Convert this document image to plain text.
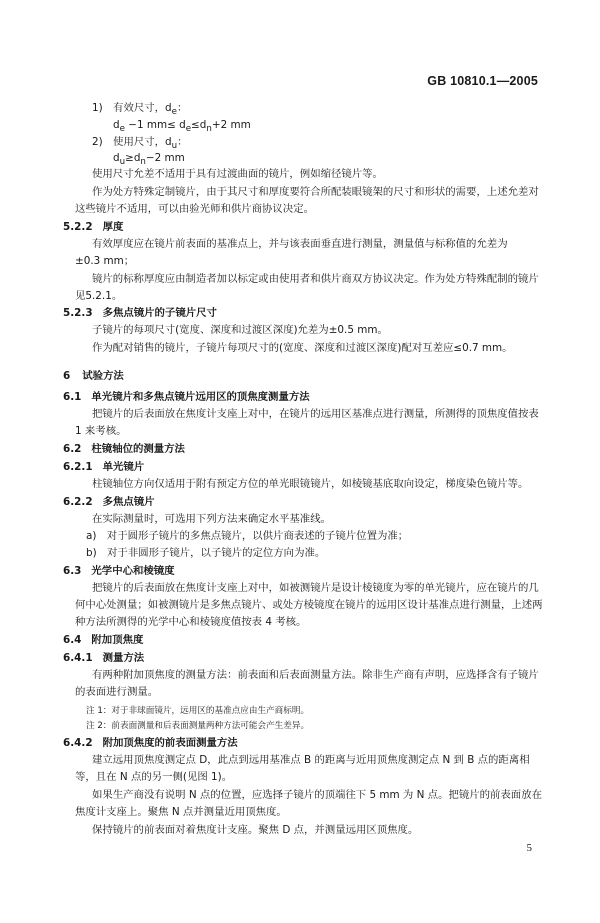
GB 10810.1—2005
1)　有效尺寸，$d_e$：
$d_e -1$ $mm\le d_e\le d_n+2$ mm
2)　使用尺寸，$d_u$：
$d_u\ge d_n-2$ mm
使用尺寸允差不适用于具有过渡曲面的镜片，例如缩径镜片等。
作为处方特殊定制镜片，由于其尺寸和厚度要符合所配装眼镜架的尺寸和形状的需要，上述允差对
这些镜片不适用，可以由验光师和供片商协议决定。
5.2.2 厚度
有效厚度应在镜片前表面的基准点上，并与该表面垂直进行测量，测量值与标称值的允差为
±0.3 mm；
镜片的标称厚度应由制造者加以标定或由使用者和供片商双方协议决定。作为处方特殊配制的镜片
见5.2.1。
5.2.3 多焦点镜片的子镜片尺寸
子镜片的每项尺寸(宽度、深度和过渡区深度)允差为±0.5 mm。
作为配对销售的镜片，子镜片每项尺寸的(宽度、深度和过渡区深度)配对互差应≤0.7 mm。
6 试验方法
6.1 单光镜片和多焦点镜片远用区的顶焦度测量方法
把镜片的后表面放在焦度计支座上对中，在镜片的远用区基准点进行测量，所测得的顶焦度值按表
1 来考核。
6.2 柱镜轴位的测量方法
6.2.1 单光镜片
柱镜轴位方向仅适用于附有预定方位的单光眼镜镜片，如棱镜基底取向设定，梯度染色镜片等。
6.2.2 多焦点镜片
在实际测量时，可选用下列方法来确定水平基准线。
a)　对于圆形子镜片的多焦点镜片，以供片商表述的子镜片位置为准；
b)　对于非圆形子镜片，以子镜片的定位方向为准。
6.3 光学中心和棱镜度
把镜片的后表面放在焦度计支座上对中，如被测镜片是设计棱镜度为零的单光镜片，应在镜片的几
何中心处测量；如被测镜片是多焦点镜片、或处方棱镜度在镜片的远用区设计基准点进行测量，上述两
种方法所测得的光学中心和棱镜度值按表 4 考核。
6.4 附加顶焦度
6.4.1 测量方法
有两种附加顶焦度的测量方法：前表面和后表面测量方法。除非生产商有声明，应选择含有子镜片
的表面进行测量。
注 1：对于非球面镜片，远用区的基准点应由生产商标明。
注 2：前表面测量和后表面测量两种方法可能会产生差异。
6.4.2 附加顶焦度的前表面测量方法
建立远用顶焦度测定点 D，此点到远用基准点 B 的距离与近用顶焦度测定点 N 到 B 点的距离相
等，且在 N 点的另一侧(见图 1)。
如果生产商没有说明 N 点的位置，应选择子镜片的顶端往下 5 mm 为 N 点。把镜片的前表面放在
焦度计支座上。聚焦 N 点并测量近用顶焦度。
保持镜片的前表面对着焦度计支座。聚焦 D 点，并测量远用区顶焦度。
5
